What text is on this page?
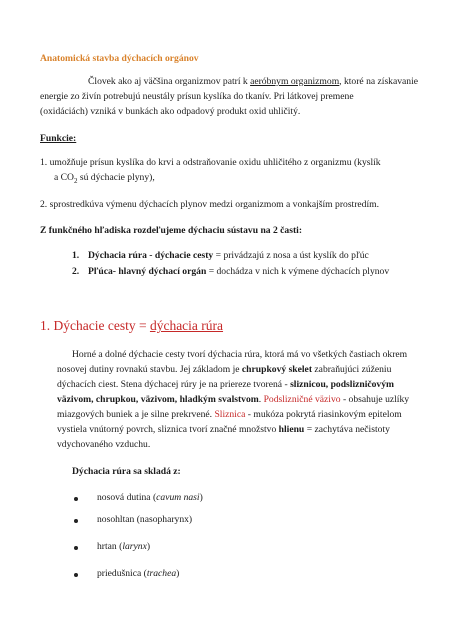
Anatomická stavba dýchacích orgánov
Človek ako aj väčšina organizmov patrí k aeróbnym organizmom, ktoré na získavanie
energie zo živín potrebujú neustály prísun kyslíka do tkanív. Pri látkovej premene
(oxidáciách) vzniká v bunkách ako odpadový produkt oxid uhličitý.
Funkcie:
1. umožňuje prísun kyslíka do krvi a odstraňovanie oxidu uhličitého z organizmu (kyslík
a $CO_2$ sú dýchacie plyny),
2. sprostredkúva výmenu dýchacích plynov medzi organizmom a vonkajším prostredím.
Z funkčného hľadiska rozdeľujeme dýchaciu sústavu na 2 časti:
1. Dýchacia rúra - dýchacie cesty = privádzajú z nosa a úst kyslík do pľúc
2. Pľúca- hlavný dýchací orgán = dochádza v nich k výmene dýchacích plynov
1. Dýchacie cesty = dýchacia rúra
Horné a dolné dýchacie cesty tvorí dýchacia rúra, ktorá má vo všetkých častiach okrem
nosovej dutiny rovnakú stavbu. Jej základom je chrupkový skelet zabraňujúci zúženiu
dýchacích ciest. Stena dýchacej rúry je na priereze tvorená - sliznicou, podslizničovým
väzivom, chrupkou, väzivom, hladkým svalstvom. Podslizničné väzivo - obsahuje uzlíky
miazgových buniek a je silne prekrvené. Sliznica - mukóza pokrytá riasinkovým epitelom
vystiela vnútorný povrch, sliznica tvorí značné množstvo hlienu = zachytáva nečistoty
vdychovaného vzduchu.
Dýchacia rúra sa skladá z:
nosová dutina (cavum nasi)
nosohltan (nasopharynx)
hrtan (larynx)
priedušnica (trachea)
